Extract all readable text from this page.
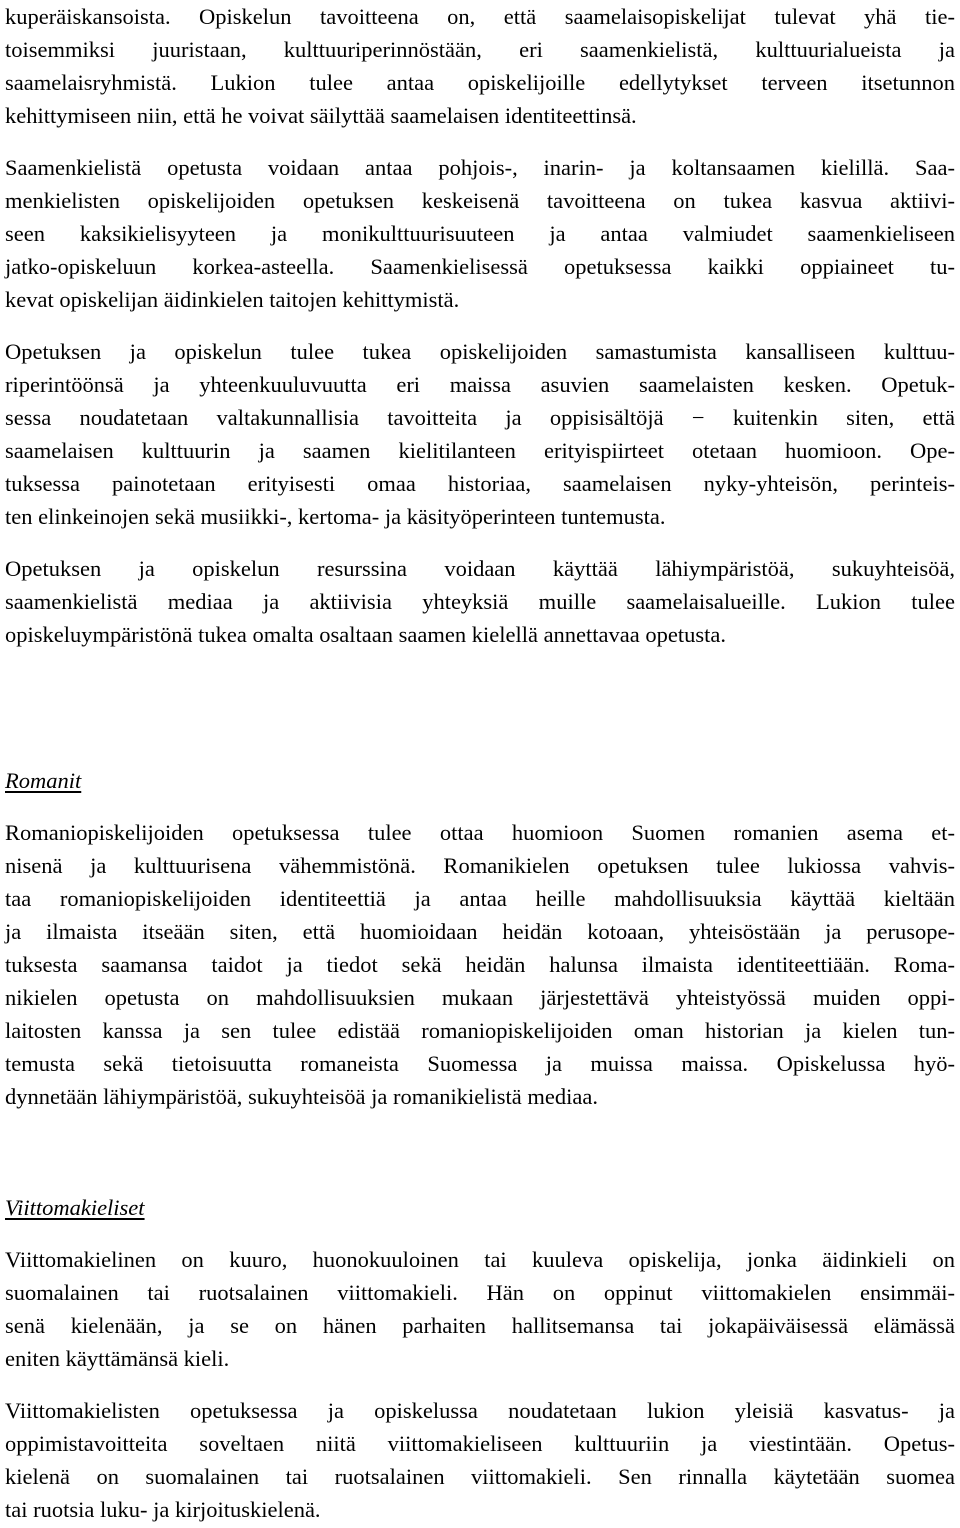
kuperäiskansoista. Opiskelun tavoitteena on, että saamelaisopiskelijat tulevat yhä tie-
toisemmiksi juuristaan, kulttuuriperinnöstään, eri saamenkielistä, kulttuurialueista ja
saamelaisryhmistä. Lukion tulee antaa opiskelijoille edellytykset terveen itsetunnon
kehittymiseen niin, että he voivat säilyttää saamelaisen identiteettinsä.
Saamenkielistä opetusta voidaan antaa pohjois-, inarin- ja koltansaamen kielillä. Saa-
menkielisten opiskelijoiden opetuksen keskeisenä tavoitteena on tukea kasvua aktiivi-
seen kaksikielisyyteen ja monikulttuurisuuteen ja antaa valmiudet saamenkieliseen
jatko-opiskeluun korkea-asteella. Saamenkielisessä opetuksessa kaikki oppiaineet tu-
kevat opiskelijan äidinkielen taitojen kehittymistä.
Opetuksen ja opiskelun tulee tukea opiskelijoiden samastumista kansalliseen kulttuu-
riperintöönsä ja yhteenkuuluvuutta eri maissa asuvien saamelaisten kesken. Opetuk-
sessa noudatetaan valtakunnallisia tavoitteita ja oppisisältöjä − kuitenkin siten, että
saamelaisen kulttuurin ja saamen kielitilanteen erityispiirteet otetaan huomioon. Ope-
tuksessa painotetaan erityisesti omaa historiaa, saamelaisen nyky-yhteisön, perinteis-
ten elinkeinojen sekä musiikki-, kertoma- ja käsityöperinteen tuntemusta.
Opetuksen ja opiskelun resurssina voidaan käyttää lähiympäristöä, sukuyhteisöä,
saamenkielistä mediaa ja aktiivisia yhteyksiä muille saamelaisalueille. Lukion tulee
opiskeluympäristönä tukea omalta osaltaan saamen kielellä annettavaa opetusta.
Romanit
Romaniopiskelijoiden opetuksessa tulee ottaa huomioon Suomen romanien asema et-
nisenä ja kulttuurisena vähemmistönä. Romanikielen opetuksen tulee lukiossa vahvis-
taa romaniopiskelijoiden identiteettiä ja antaa heille mahdollisuuksia käyttää kieltään
ja ilmaista itseään siten, että huomioidaan heidän kotoaan, yhteisöstään ja perusope-
tuksesta saamansa taidot ja tiedot sekä heidän halunsa ilmaista identiteettiään. Roma-
nikielen opetusta on mahdollisuuksien mukaan järjestettävä yhteistyössä muiden oppi-
laitosten kanssa ja sen tulee edistää romaniopiskelijoiden oman historian ja kielen tun-
temusta sekä tietoisuutta romaneista Suomessa ja muissa maissa. Opiskelussa hyö-
dynnetään lähiympäristöä, sukuyhteisöä ja romanikielistä mediaa.
Viittomakieliset
Viittomakielinen on kuuro, huonokuuloinen tai kuuleva opiskelija, jonka äidinkieli on
suomalainen tai ruotsalainen viittomakieli. Hän on oppinut viittomakielen ensimmäi-
senä kielenään, ja se on hänen parhaiten hallitsemansa tai jokapäiväisessä elämässä
eniten käyttämänsä kieli.
Viittomakielisten opetuksessa ja opiskelussa noudatetaan lukion yleisiä kasvatus- ja
oppimistavoitteita soveltaen niitä viittomakieliseen kulttuuriin ja viestintään. Opetus-
kielenä on suomalainen tai ruotsalainen viittomakieli. Sen rinnalla käytetään suomea
tai ruotsia luku- ja kirjoituskielenä.
